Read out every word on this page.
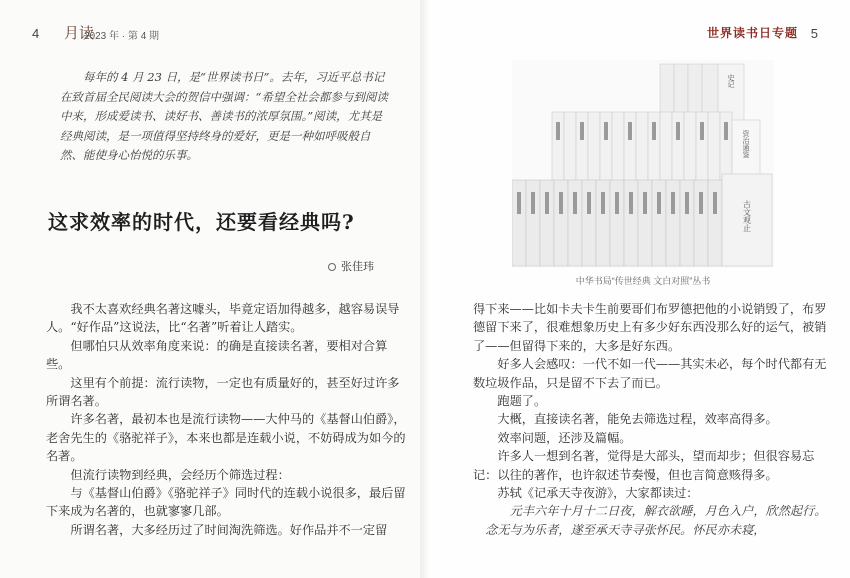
4 月读
2023 年 · 第 4 期	世界读书日专题 5

每年的 4 月 23 日，是“世界读书日”。去年，习近平总书记在致首届全民阅读大会的贺信中强调：“希望全社会都参与到阅读中来，形成爱读书、读好书、善读书的浓厚氛围。”阅读，尤其是经典阅读，是一项值得坚持终身的爱好，更是一种如呼吸般自然、能使身心怡悦的乐事。

这求效率的时代，还要看经典吗?
张佳玮

我不太喜欢经典名著这噱头，毕竟定语加得越多，越容易误导人。“好作品”这说法，比“名著”听着让人踏实。

但哪怕只从效率角度来说：的确是直接读名著，要相对合算些。

这里有个前提：流行读物，一定也有质量好的，甚至好过许多所谓名著。

许多名著，最初本也是流行读物——大仲马的《基督山伯爵》，老舍先生的《骆驼祥子》，本来也都是连载小说，不妨碍成为如今的名著。

但流行读物到经典，会经历个筛选过程：

与《基督山伯爵》《骆驼祥子》同时代的连载小说很多，最后留下来成为名著的，也就寥寥几部。

所谓名著，大多经历过了时间淘洗筛选。好作品并不一定留

古文观止
史记
资治通鉴
中华书局“传世经典 文白对照”丛书

得下来——比如卡夫卡生前要哥们布罗德把他的小说销毁了，布罗德留下来了，很难想象历史上有多少好东西没那么好的运气，被销了——但留得下来的，大多是好东西。

好多人会感叹：一代不如一代——其实未必，每个时代都有无数垃圾作品，只是留不下去了而已。

跑题了。

大概，直接读名著，能免去筛选过程，效率高得多。

效率问题，还涉及篇幅。

许多人一想到名著，觉得是大部头，望而却步；但很容易忘记：以往的著作，也许叙述节奏慢，但也言简意赅得多。

苏轼《记承天寺夜游》，大家都读过：

元丰六年十月十二日夜，解衣欲睡，月色入户，欣然起行。念无与为乐者，遂至承天寺寻张怀民。怀民亦未寝，
